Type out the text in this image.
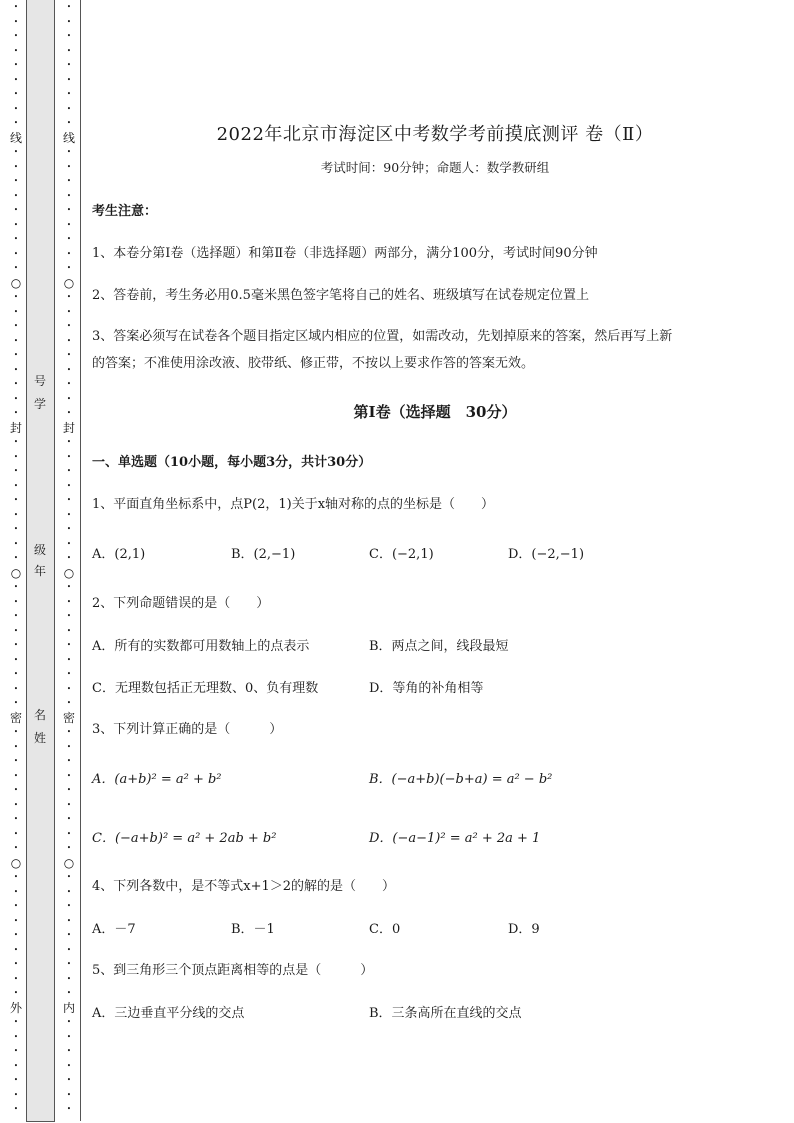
•
•
•
•
•
•
•
•
•
线
•
•
•
•
•
•
•
•
•
○
•
•
•
•
•
•
•
•
•
封
•
•
•
•
•
•
•
•
•
○
•
•
•
•
•
•
•
•
•
密
•
•
•
•
•
•
•
•
•
○
•
•
•
•
•
•
•
•
•
外
•
•
•
•
•
•
•
•
•
•
•
•
•
•
•
•
线
•
•
•
•
•
•
•
•
•
○
•
•
•
•
•
•
•
•
•
封
•
•
•
•
•
•
•
•
•
○
•
•
•
•
•
•
•
•
•
密
•
•
•
•
•
•
•
•
•
○
•
•
•
•
•
•
•
•
•
内
•
•
•
•
•
•
•
号
学
级
年
名
姓
2022年北京市海淀区中考数学考前摸底测评 卷（Ⅱ）
考试时间：90分钟；命题人：数学教研组
考生注意：
1、本卷分第Ⅰ卷（选择题）和第Ⅱ卷（非选择题）两部分，满分100分，考试时间90分钟
2、答卷前，考生务必用0.5毫米黑色签字笔将自己的姓名、班级填写在试卷规定位置上
3、答案必须写在试卷各个题目指定区域内相应的位置，如需改动，先划掉原来的答案，然后再写上新
的答案；不准使用涂改液、胶带纸、修正带，不按以上要求作答的答案无效。
第Ⅰ卷（选择题　30分）
一、单选题（10小题，每小题3分，共计30分）
1、平面直角坐标系中，点P(2，1)关于x轴对称的点的坐标是（　　）
A．(2,1)	B．(2,−1)	C．(−2,1)	D．(−2,−1)
2、下列命题错误的是（　　）
A．所有的实数都可用数轴上的点表示	B．两点之间，线段最短
C．无理数包括正无理数、0、负有理数	D．等角的补角相等
3、下列计算正确的是（　　　）
A．(a+b)² = a² + b²	B．(−a+b)(−b+a) = a² − b²
C．(−a+b)² = a² + 2ab + b²	D．(−a−1)² = a² + 2a + 1
4、下列各数中，是不等式x+1＞2的解的是（　　）
A．－7	B．－1	C．0	D．9
5、到三角形三个顶点距离相等的点是（　　　）
A．三边垂直平分线的交点	B．三条高所在直线的交点
